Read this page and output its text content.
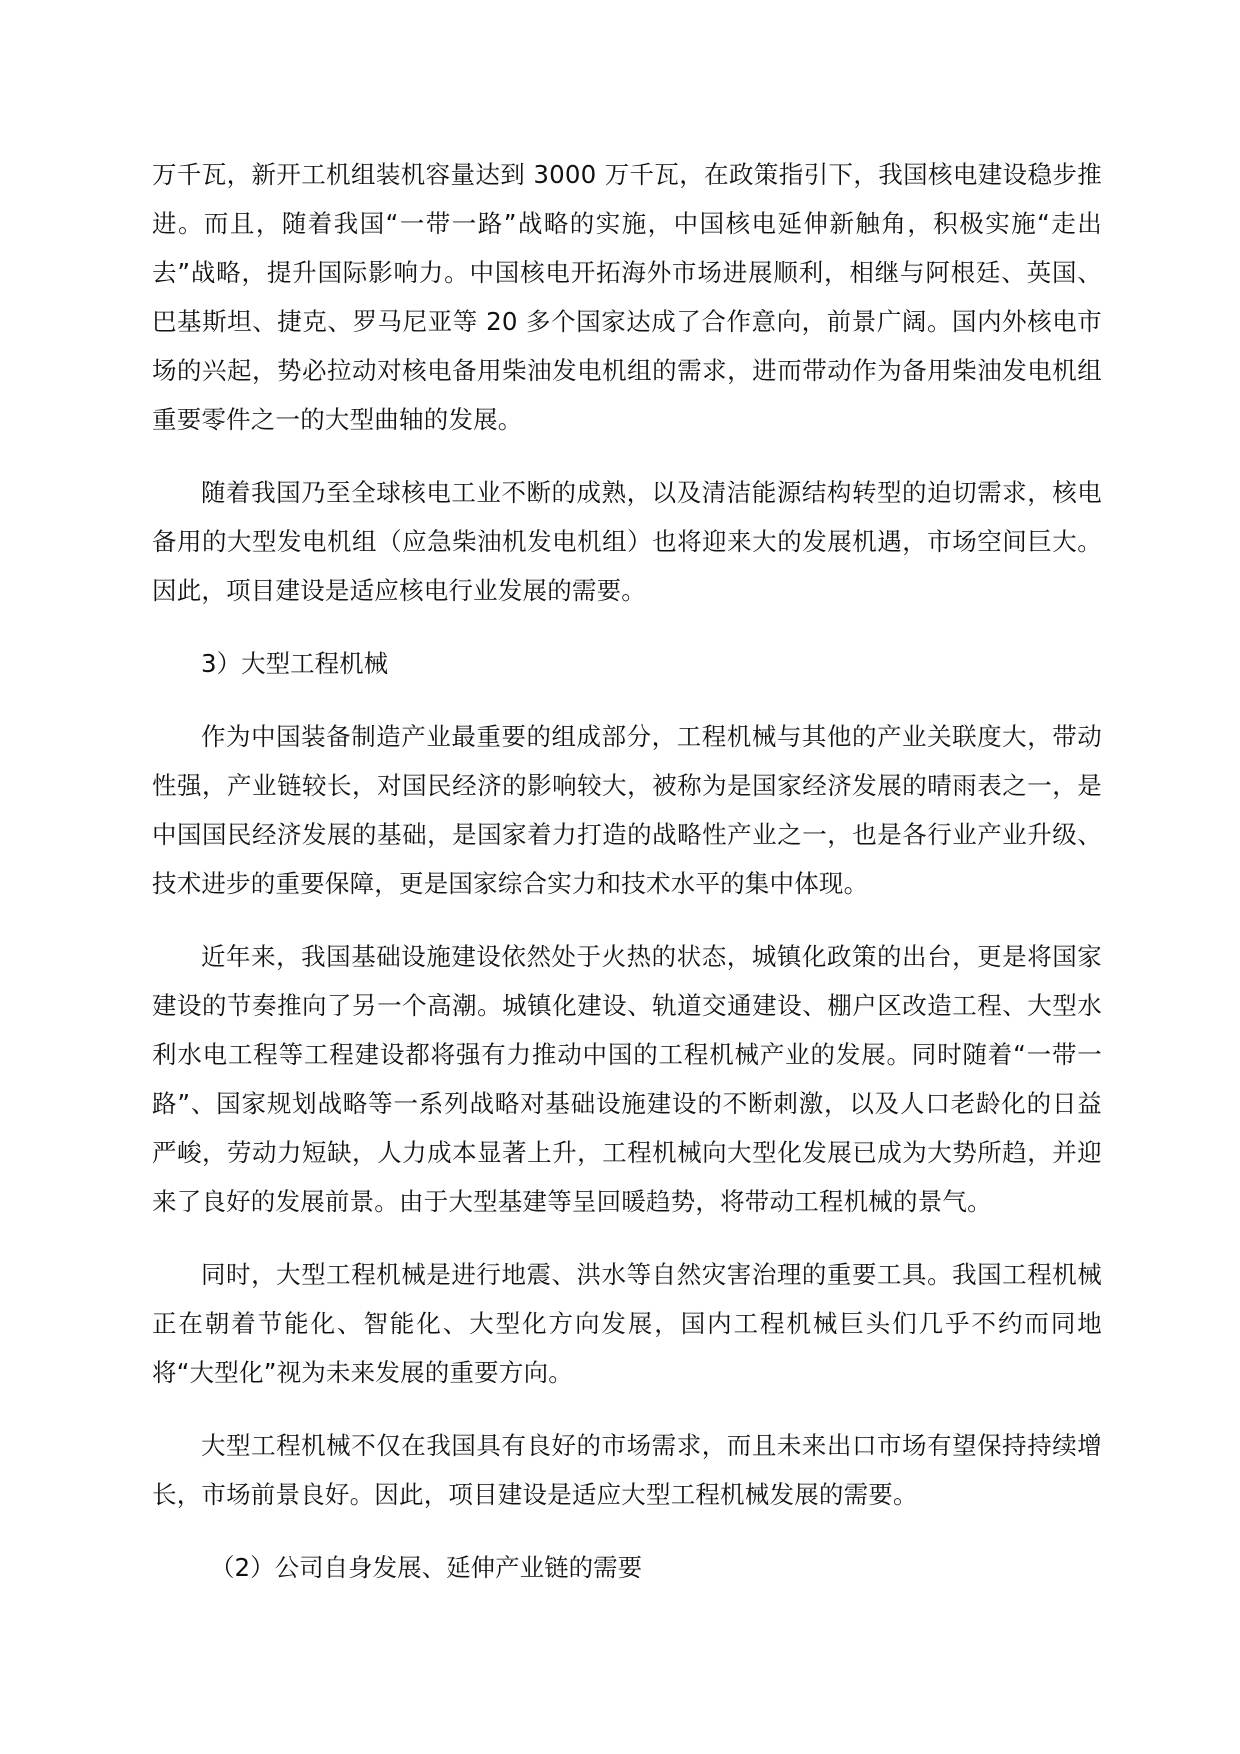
万千瓦，新开工机组装机容量达到 3000 万千瓦，在政策指引下，我国核电建设稳步推进。而且，随着我国“一带一路”战略的实施，中国核电延伸新触角，积极实施“走出去”战略，提升国际影响力。中国核电开拓海外市场进展顺利，相继与阿根廷、英国、巴基斯坦、捷克、罗马尼亚等 20 多个国家达成了合作意向，前景广阔。国内外核电市场的兴起，势必拉动对核电备用柴油发电机组的需求，进而带动作为备用柴油发电机组重要零件之一的大型曲轴的发展。

随着我国乃至全球核电工业不断的成熟，以及清洁能源结构转型的迫切需求，核电备用的大型发电机组（应急柴油机发电机组）也将迎来大的发展机遇，市场空间巨大。因此，项目建设是适应核电行业发展的需要。

3）大型工程机械

作为中国装备制造产业最重要的组成部分，工程机械与其他的产业关联度大，带动性强，产业链较长，对国民经济的影响较大，被称为是国家经济发展的晴雨表之一，是中国国民经济发展的基础，是国家着力打造的战略性产业之一，也是各行业产业升级、技术进步的重要保障，更是国家综合实力和技术水平的集中体现。

近年来，我国基础设施建设依然处于火热的状态，城镇化政策的出台，更是将国家建设的节奏推向了另一个高潮。城镇化建设、轨道交通建设、棚户区改造工程、大型水利水电工程等工程建设都将强有力推动中国的工程机械产业的发展。同时随着“一带一路”、国家规划战略等一系列战略对基础设施建设的不断刺激，以及人口老龄化的日益严峻，劳动力短缺，人力成本显著上升，工程机械向大型化发展已成为大势所趋，并迎来了良好的发展前景。由于大型基建等呈回暖趋势，将带动工程机械的景气。

同时，大型工程机械是进行地震、洪水等自然灾害治理的重要工具。我国工程机械正在朝着节能化、智能化、大型化方向发展，国内工程机械巨头们几乎不约而同地将“大型化”视为未来发展的重要方向。

大型工程机械不仅在我国具有良好的市场需求，而且未来出口市场有望保持持续增长，市场前景良好。因此，项目建设是适应大型工程机械发展的需要。

（2）公司自身发展、延伸产业链的需要
